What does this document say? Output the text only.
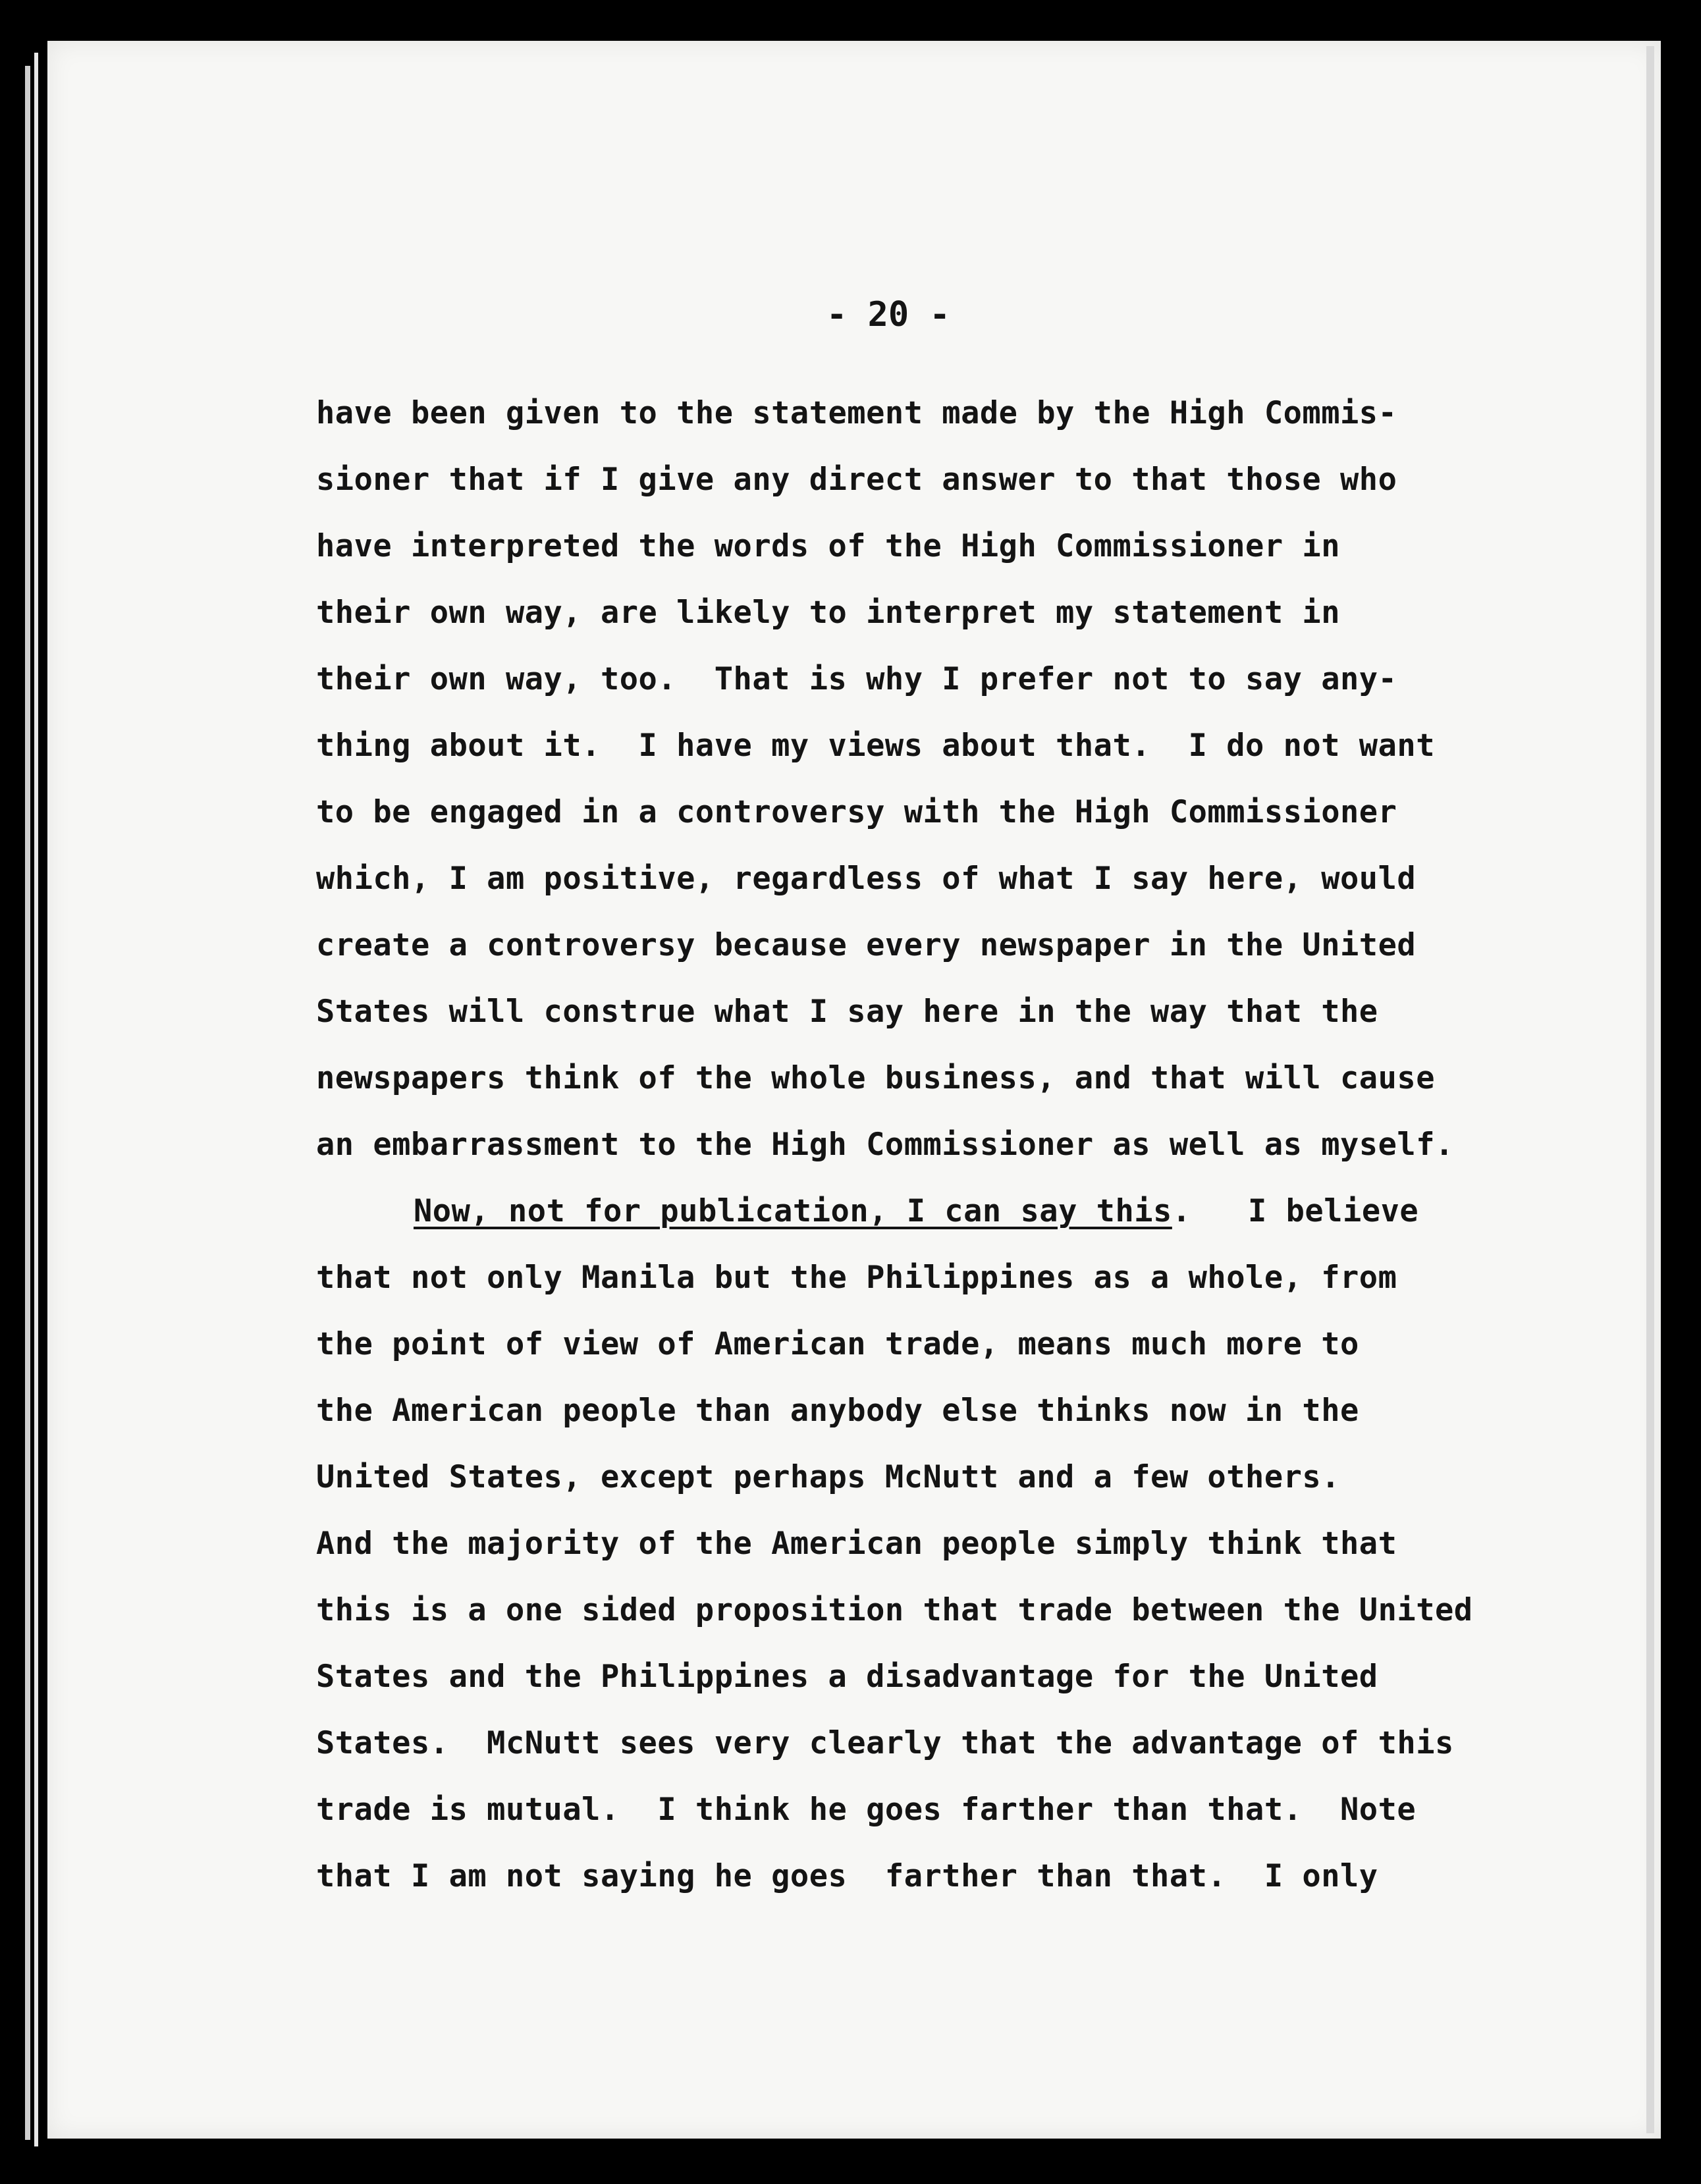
- 20 -
have been given to the statement made by the High Commis-
sioner that if I give any direct answer to that those who
have interpreted the words of the High Commissioner in
their own way, are likely to interpret my statement in
their own way, too.  That is why I prefer not to say any-
thing about it.  I have my views about that.  I do not want
to be engaged in a controversy with the High Commissioner
which, I am positive, regardless of what I say here, would
create a controversy because every newspaper in the United
States will construe what I say here in the way that the
newspapers think of the whole business, and that will cause
an embarrassment to the High Commissioner as well as myself.
Now, not for publication, I can say this.   I believe
that not only Manila but the Philippines as a whole, from
the point of view of American trade, means much more to
the American people than anybody else thinks now in the
United States, except perhaps McNutt and a few others.
And the majority of the American people simply think that
this is a one sided proposition that trade between the United
States and the Philippines a disadvantage for the United
States.  McNutt sees very clearly that the advantage of this
trade is mutual.  I think he goes farther than that.  Note
that I am not saying he goes  farther than that.  I only
